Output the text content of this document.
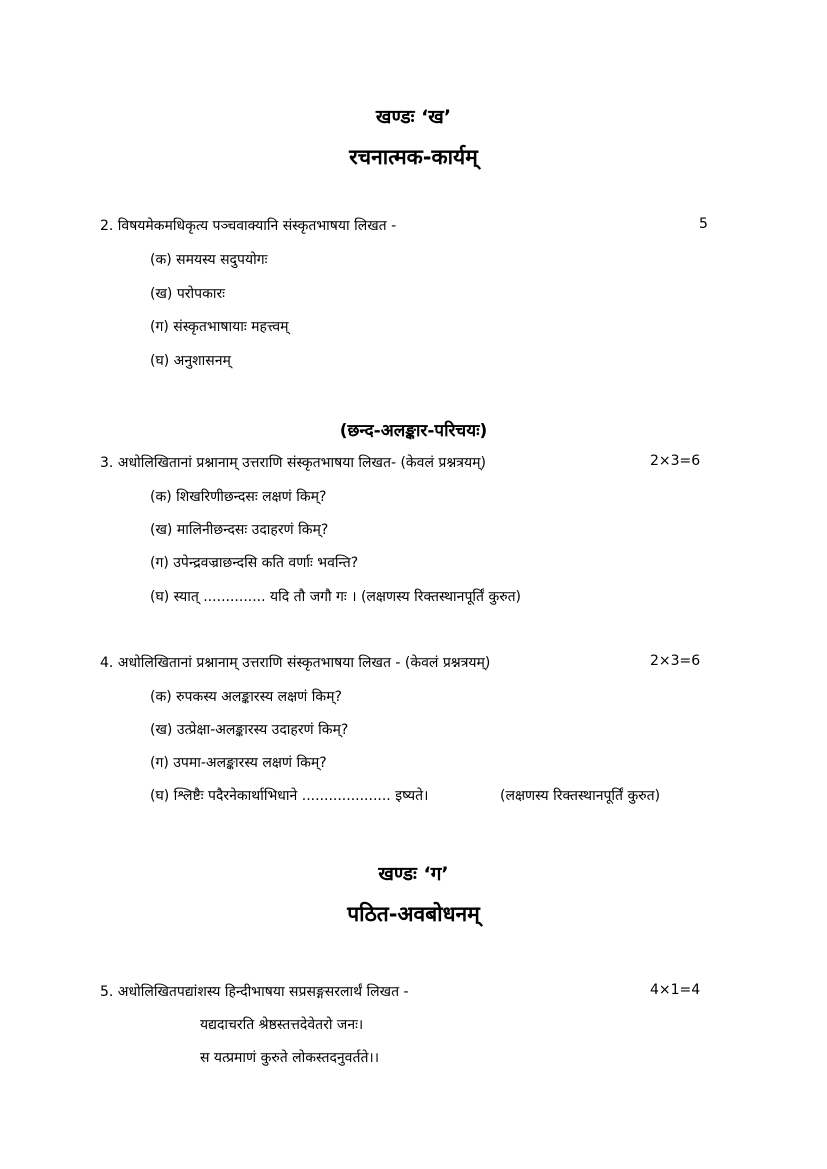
खण्डः ‘ख’
रचनात्मक-कार्यम्
2. विषयमेकमधिकृत्य पञ्चवाक्यानि संस्कृतभाषया लिखत -	5
(क) समयस्य सदुपयोगः
(ख) परोपकारः
(ग) संस्कृतभाषायाः महत्त्वम्
(घ) अनुशासनम्
(छन्द-अलङ्कार-परिचयः)
3. अधोलिखितानां प्रश्नानाम् उत्तराणि संस्कृतभाषया लिखत- (केवलं प्रश्नत्रयम्)	2×3=6
(क) शिखरिणीछन्दसः लक्षणं किम्?
(ख) मालिनीछन्दसः उदाहरणं किम्?
(ग) उपेन्द्रवज्राछन्दसि कति वर्णाः भवन्ति?
(घ) स्यात् .............. यदि तौ जगौ गः । (लक्षणस्य रिक्तस्थानपूर्तिं कुरुत)
4. अधोलिखितानां प्रश्नानाम् उत्तराणि संस्कृतभाषया लिखत - (केवलं प्रश्नत्रयम्)	2×3=6
(क) रुपकस्य अलङ्कारस्य लक्षणं किम्?
(ख) उत्प्रेक्षा-अलङ्कारस्य उदाहरणं किम्?
(ग) उपमा-अलङ्कारस्य लक्षणं किम्?
(घ) श्लिष्टैः पदैरनेकार्थाभिधाने .................... इष्यते।	(लक्षणस्य रिक्तस्थानपूर्तिं कुरुत)
खण्डः ‘ग’
पठित-अवबोधनम्
5. अधोलिखितपद्यांशस्य हिन्दीभाषया सप्रसङ्गसरलार्थं लिखत -	4×1=4
यद्यदाचरति श्रेष्ठस्तत्तदेवेतरो जनः।
स यत्प्रमाणं कुरुते लोकस्तदनुवर्तते।।
